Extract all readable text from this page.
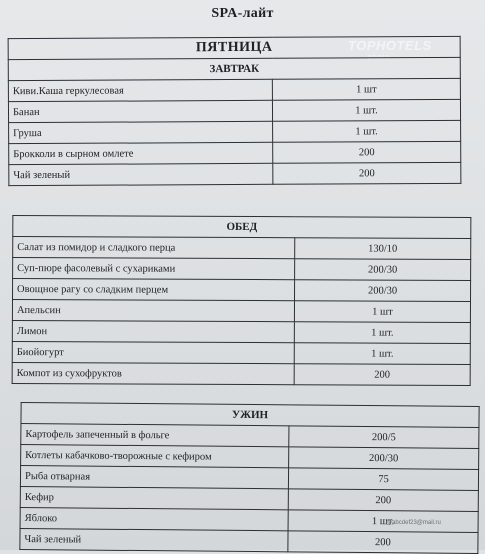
SPA-лайт
TOPHOTELS
photo
ПЯТНИЦА	
ЗАВТРАК	
Киви.Каша геркулесовая	1 шт
Банан	1 шт.
Груша	1 шт.
Брокколи в сырном омлете	200
Чай зеленый	200
ОБЕД	
Салат из помидор и сладкого перца	130/10
Суп-пюре фасолевый с сухариками	200/30
Овощное рагу со сладким перцем	200/30
Апельсин	1 шт
Лимон	1 шт.
Биойогурт	1 шт.
Компот из сухофруктов	200
УЖИН	
Картофель запеченный в фольге	200/5
Котлеты кабачково-творожные с кефиром	200/30
Рыба отварная	75
Кефир	200
Яблоко	1 шт.
Чай зеленый	200
@abcdef23@mail.ru
